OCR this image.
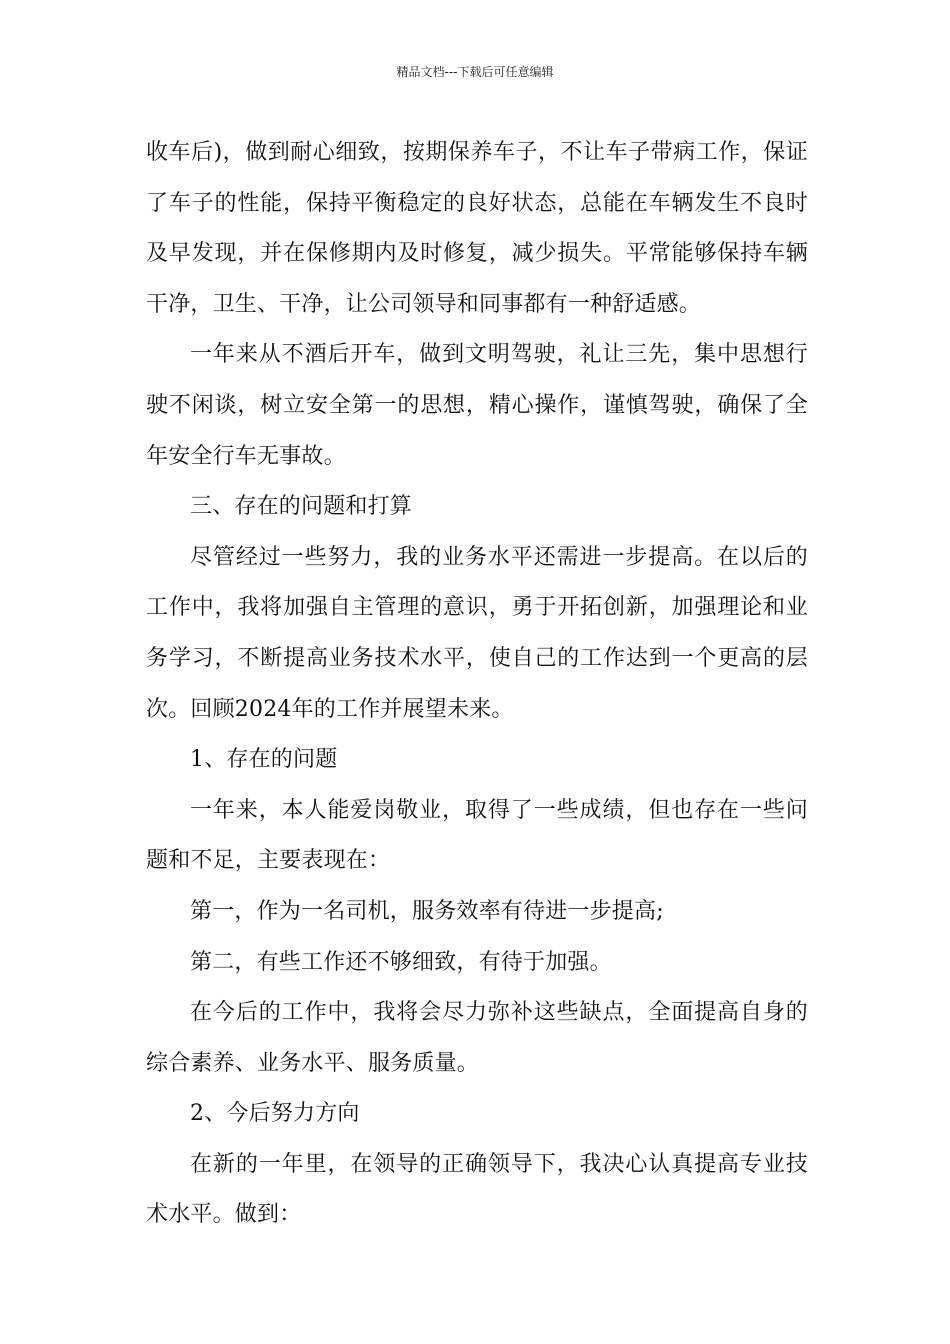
精品文档---下载后可任意编辑

收车后)，做到耐心细致，按期保养车子，不让车子带病工作，保证了车子的性能，保持平衡稳定的良好状态，总能在车辆发生不良时及早发现，并在保修期内及时修复，减少损失。平常能够保持车辆干净，卫生、干净，让公司领导和同事都有一种舒适感。

一年来从不酒后开车，做到文明驾驶，礼让三先，集中思想行驶不闲谈，树立安全第一的思想，精心操作，谨慎驾驶，确保了全年安全行车无事故。

三、存在的问题和打算

尽管经过一些努力，我的业务水平还需进一步提高。在以后的工作中，我将加强自主管理的意识，勇于开拓创新，加强理论和业务学习，不断提高业务技术水平，使自己的工作达到一个更高的层次。回顾2024年的工作并展望未来。

1、存在的问题

一年来，本人能爱岗敬业，取得了一些成绩，但也存在一些问题和不足，主要表现在：

第一，作为一名司机，服务效率有待进一步提高;

第二，有些工作还不够细致，有待于加强。

在今后的工作中，我将会尽力弥补这些缺点，全面提高自身的综合素养、业务水平、服务质量。

2、今后努力方向

在新的一年里，在领导的正确领导下，我决心认真提高专业技术水平。做到：
